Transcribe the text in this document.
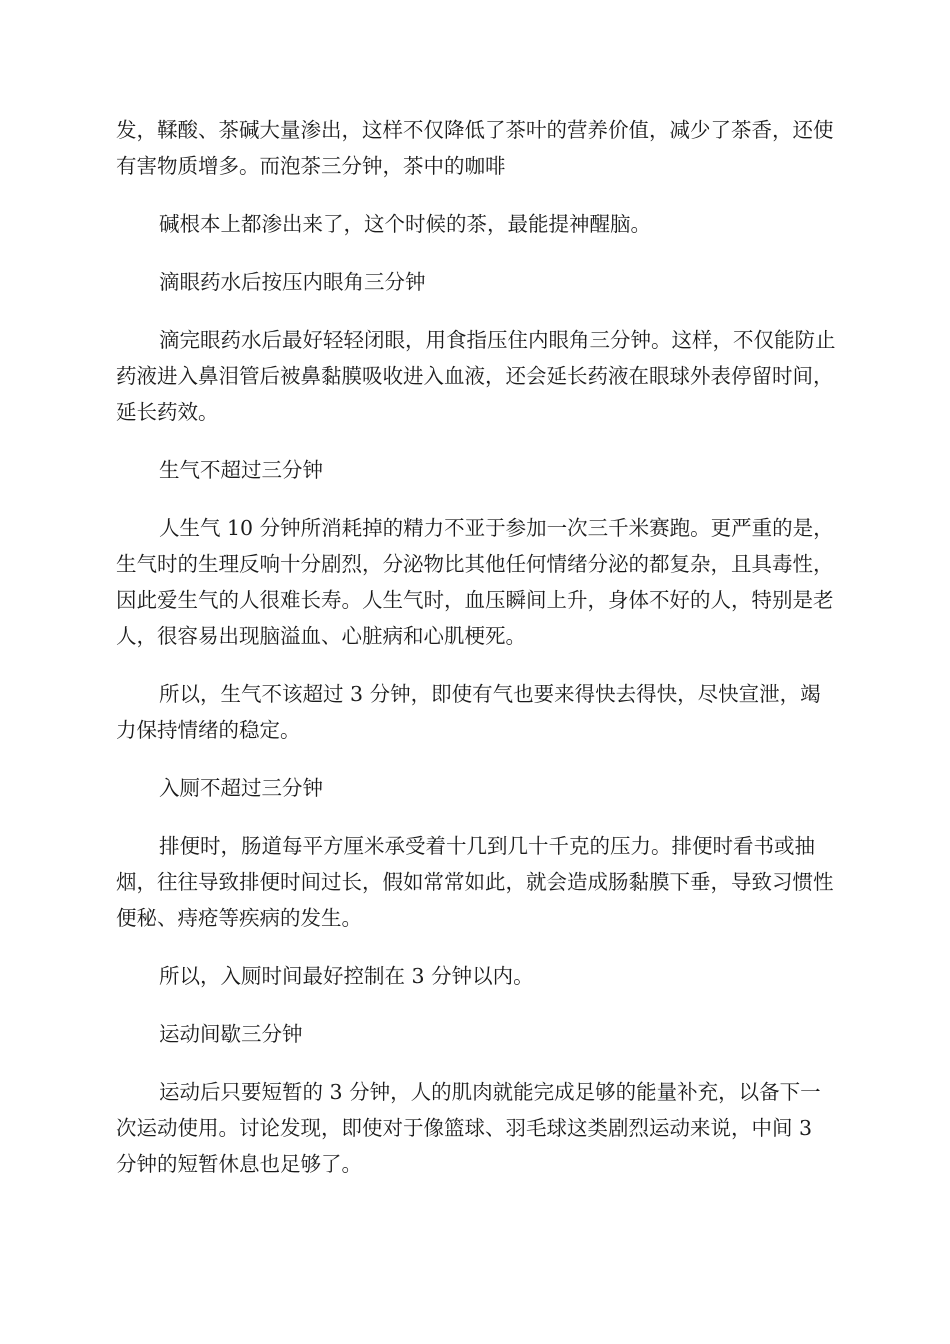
发，鞣酸、茶碱大量渗出，这样不仅降低了茶叶的营养价值，减少了茶香，还使有害物质增多。而泡茶三分钟，茶中的咖啡

碱根本上都渗出来了，这个时候的茶，最能提神醒脑。

滴眼药水后按压内眼角三分钟

滴完眼药水后最好轻轻闭眼，用食指压住内眼角三分钟。这样，不仅能防止药液进入鼻泪管后被鼻黏膜吸收进入血液，还会延长药液在眼球外表停留时间，延长药效。

生气不超过三分钟

人生气 10 分钟所消耗掉的精力不亚于参加一次三千米赛跑。更严重的是，生气时的生理反响十分剧烈，分泌物比其他任何情绪分泌的都复杂，且具毒性，因此爱生气的人很难长寿。人生气时，血压瞬间上升，身体不好的人，特别是老人，很容易出现脑溢血、心脏病和心肌梗死。

所以，生气不该超过 3 分钟，即使有气也要来得快去得快，尽快宣泄，竭力保持情绪的稳定。

入厕不超过三分钟

排便时，肠道每平方厘米承受着十几到几十千克的压力。排便时看书或抽烟，往往导致排便时间过长，假如常常如此，就会造成肠黏膜下垂，导致习惯性便秘、痔疮等疾病的发生。

所以，入厕时间最好控制在 3 分钟以内。

运动间歇三分钟

运动后只要短暂的 3 分钟，人的肌肉就能完成足够的能量补充，以备下一次运动使用。讨论发现，即使对于像篮球、羽毛球这类剧烈运动来说，中间 3 分钟的短暂休息也足够了。
